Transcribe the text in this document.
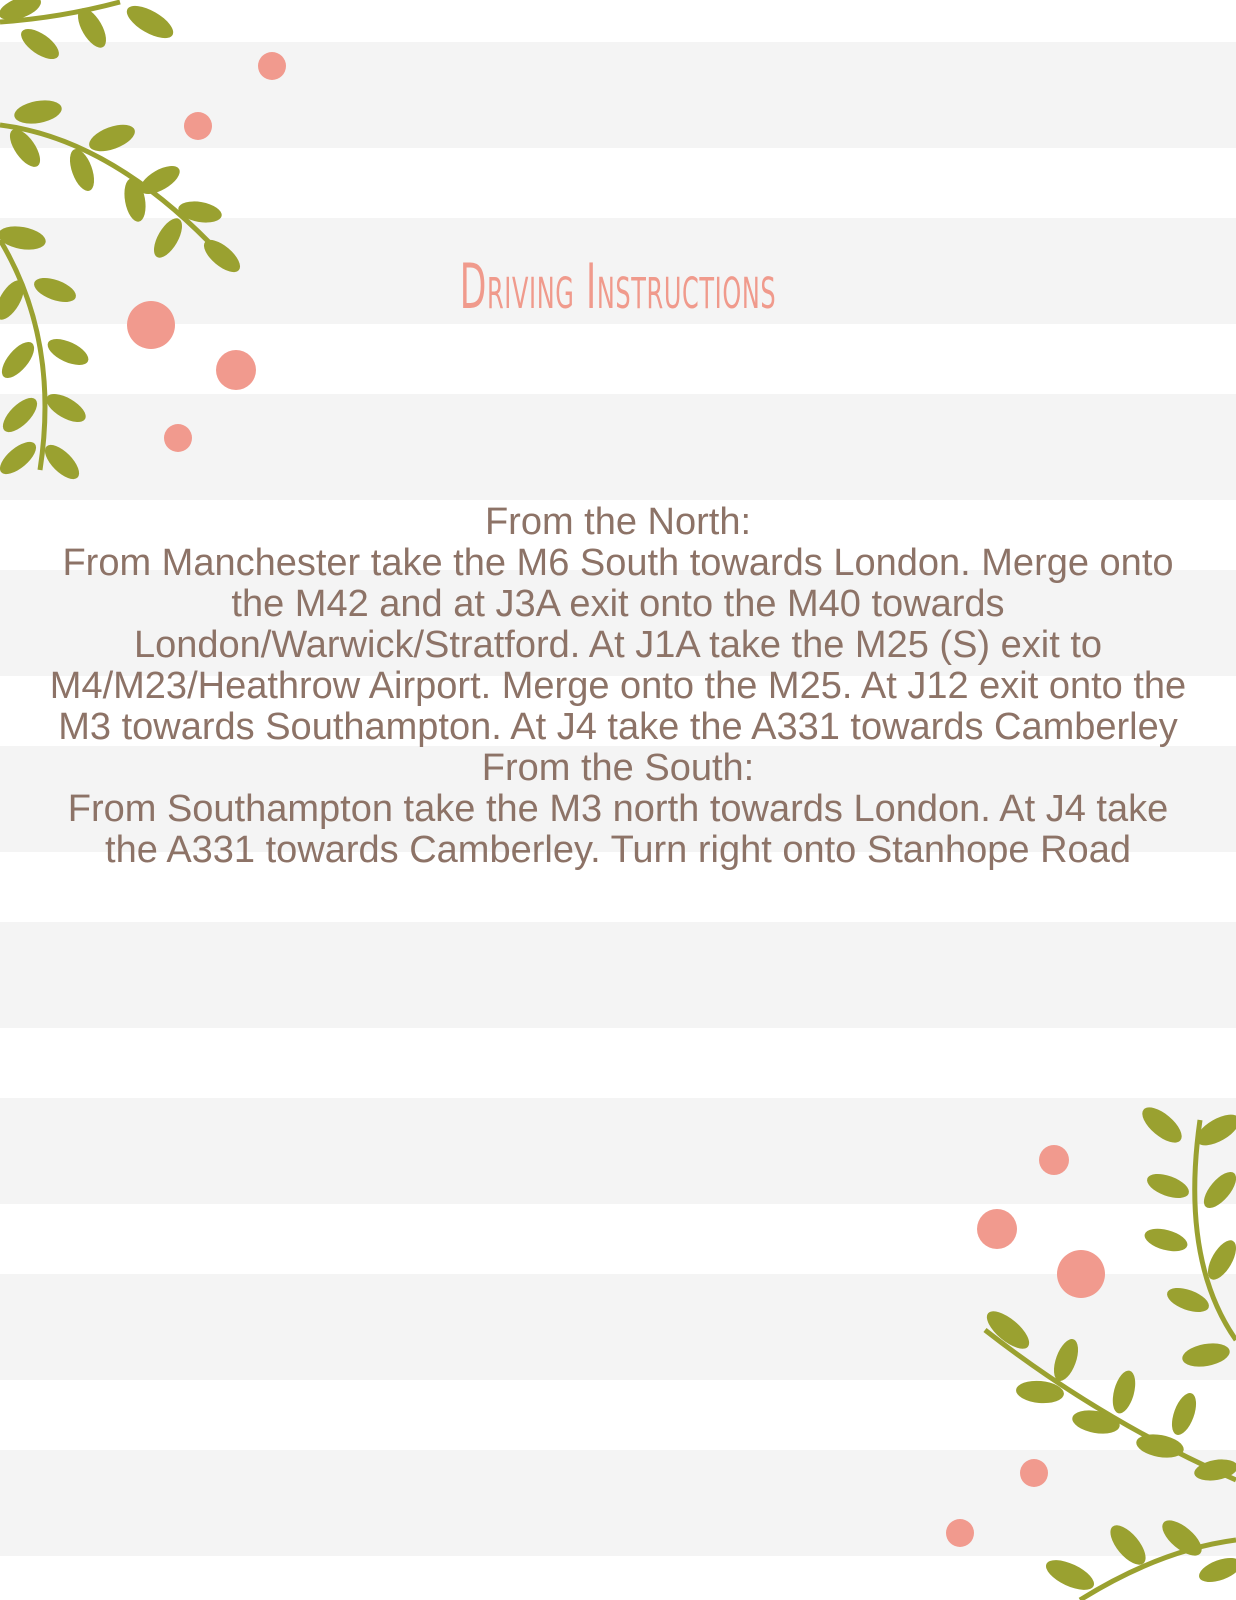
Driving Instructions

From the North:

From Manchester take the M6 South towards London. Merge onto the M42 and at J3A exit onto the M40 towards London/Warwick/Stratford. At J1A take the M25 (S) exit to M4/M23/Heathrow Airport. Merge onto the M25. At J12 exit onto the M3 towards Southampton. At J4 take the A331 towards Camberley

From the South:

From Southampton take the M3 north towards London. At J4 take the A331 towards Camberley. Turn right onto Stanhope Road
